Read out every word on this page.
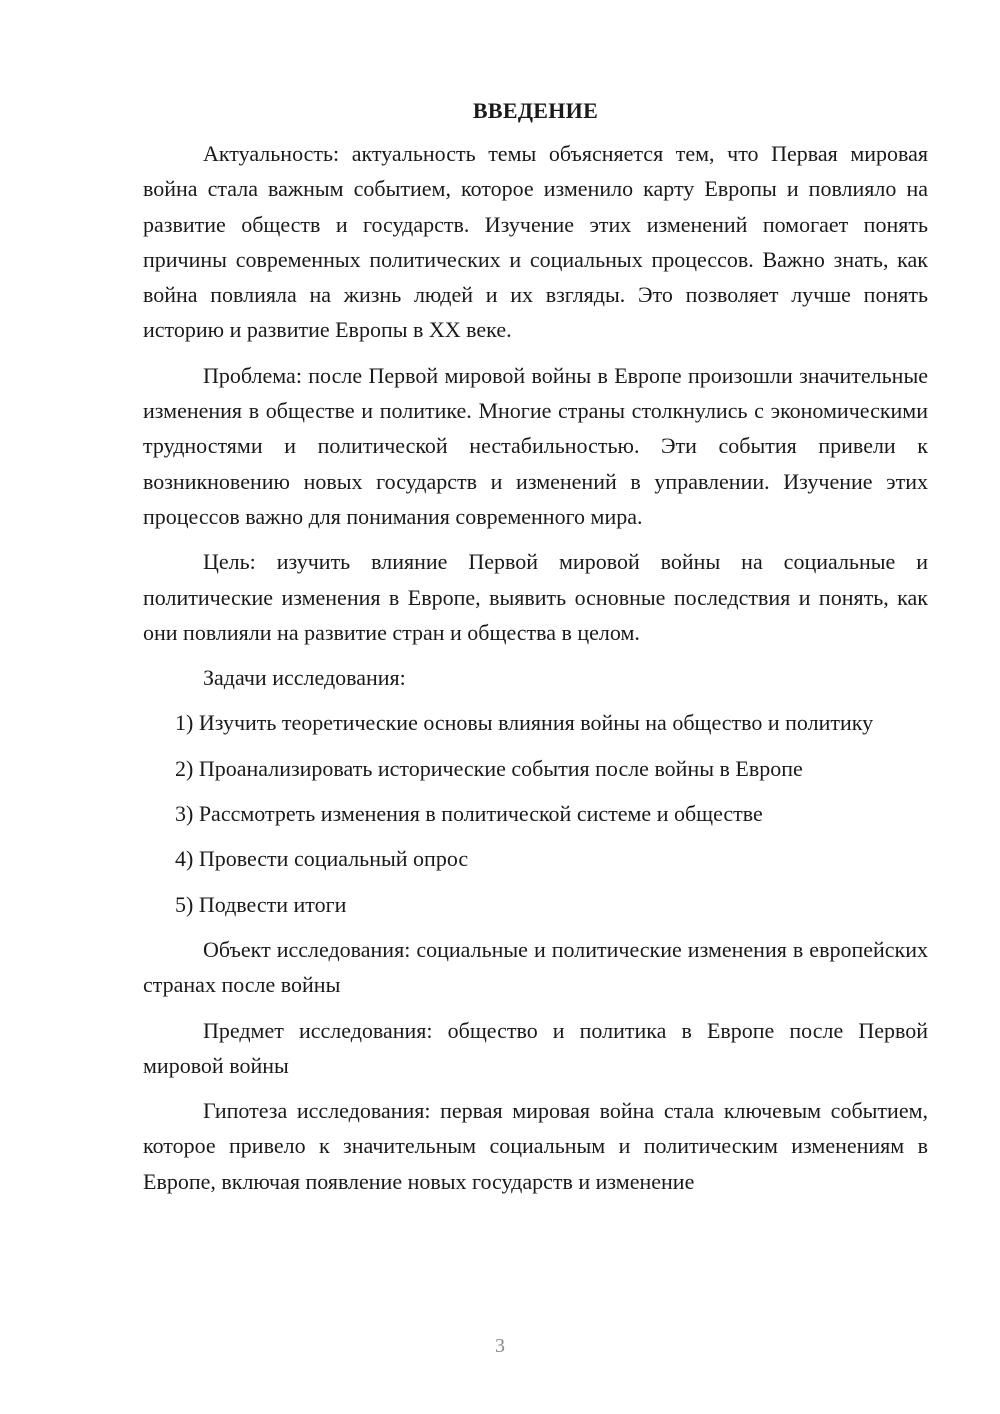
ВВЕДЕНИЕ

Актуальность: актуальность темы объясняется тем, что Первая мировая война стала важным событием, которое изменило карту Европы и повлияло на развитие обществ и государств. Изучение этих изменений помогает понять причины современных политических и социальных процессов. Важно знать, как война повлияла на жизнь людей и их взгляды. Это позволяет лучше понять историю и развитие Европы в XX веке.

Проблема: после Первой мировой войны в Европе произошли значительные изменения в обществе и политике. Многие страны столкнулись с экономическими трудностями и политической нестабильностью. Эти события привели к возникновению новых государств и изменений в управлении. Изучение этих процессов важно для понимания современного мира.

Цель: изучить влияние Первой мировой войны на социальные и политические изменения в Европе, выявить основные последствия и понять, как они повлияли на развитие стран и общества в целом.

Задачи исследования:

1) Изучить теоретические основы влияния войны на общество и политику

2) Проанализировать исторические события после войны в Европе

3) Рассмотреть изменения в политической системе и обществе

4) Провести социальный опрос

5) Подвести итоги

Объект исследования: социальные и политические изменения в европейских странах после войны

Предмет исследования: общество и политика в Европе после Первой мировой войны

Гипотеза исследования: первая мировая война стала ключевым событием, которое привело к значительным социальным и политическим изменениям в Европе, включая появление новых государств и изменение

3
